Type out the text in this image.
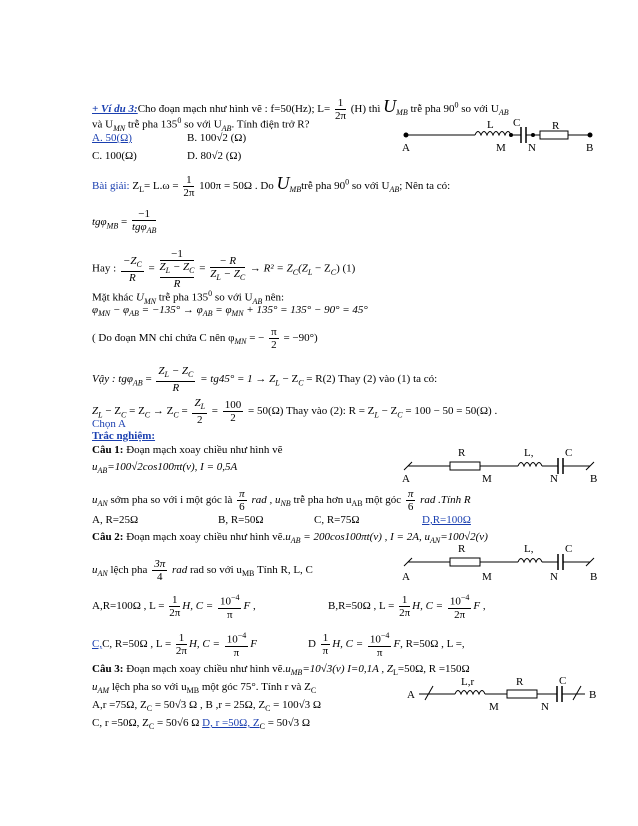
+ Ví du 3:Cho đoạn mạch như hình vẽ : f=50(Hz); $L= \frac{1}{2\pi} (H)$ thì $U_{MB}$ trễ pha $90^0$ so với $U_{AB}$
và $U_{MN}$ trễ pha $135^0$ so với $U_{AB}$. Tính điện trở R?
A. 50(Ω)	B. 100√2 (Ω)
C. 100(Ω)	D. 80√2 (Ω)
A
L C	R
M N	B
Bài giải: $Z_L= L.\omega = \frac{1}{2\pi} 100\pi = 50\Omega$ . Do $U_{MB}trễ$ pha $90^0$ so với $U_{AB}$; Nên ta có:
$tg\varphi_{MB} = \frac{-1}{tg\varphi_{AB}}$
Hay : $\frac{-Z_C}{R} = -1$
$Z_L - Z_C$
$R = \frac{- R}{Z_L - Z_C} \to R^2 = Z_C(Z_L - Z_C)$ (1)
Mặt khác $U_{MN}$ trễ pha $135^0$ so với $U_{AB}$ nên:
$\varphi_{MN} - \varphi_{AB} = -135^\circ \to \varphi_{AB} = \varphi_{MN} + 135^\circ = 135^\circ - 90^\circ = 45^\circ$
( Do đoạn MN chỉ chứa C nên $\varphi_{MN}$ = − $\frac{\pi}{2} = -90^\circ$)
Vậy : $tg\varphi_{AB} = \frac{Z_L - Z_C}{R} = tg45^\circ = 1 \to Z_L - Z_C = R(2)$ Thay (2) vào (1) ta có:
$Z_L - Z_C = Z_C \to Z_C = \frac{Z_L}{2} = \frac{100}{2} = 50(\Omega)$ Thay vào (2): $R = Z_L - Z_C = 100 - 50 = 50(\Omega)$ .
Chọn A
Trắc nghiệm:
Câu 1: Đoạn mạch xoay chiều như hình vẽ
$u_{AB}=100√2\cos 100\pi t(v)$, I = 0,5A
$u_{AN}$ sớm pha so với i một góc là $\frac{\pi}{6}$ rad , $u_{NB}$ trễ pha hơn $u_{AB}$ một góc $\frac{\pi}{6}$ rad .Tính R
A, R=25Ω	B, R=50Ω	C, R=75Ω	D,R=100Ω
R	L,	C
A	M	N	B
Câu 2: Đoạn mạch xoay chiều như hình $vẽ.u_{AB} = 200\cos 100\pi t(v)$ , I = 2A, $u_{AN}=100√2(v)$
$u_{AN}$ lệch pha $\frac{3\pi}{4}$ rad rad so với $u_{MB}$ Tính R, L, C
R	L,	C
A	M	N	B
A,R=100Ω , $L = \frac{1}{2\pi} H$, $C = \frac{10^{-4}}{\pi}$ F ,	B,R=50Ω , $L = \frac{1}{2\pi} H$, $C = \frac{10^{-4}}{2\pi}$ F ,
C,C, R=50Ω , $L = \frac{1}{2\pi} H$, $C = \frac{10^{-4}}{\pi}$ F	D $\frac{1}{\pi} H$, $C = \frac{10^{-4}}{\pi} F$, R=50Ω , L =,
Câu 3: Đoạn mạch xoay chiều như hình $vẽ.u_{MB}=10√3(v)$ I=0,1A , $Z_L=50\Omega$, R =150Ω
$u_{AM}$ lệch pha so với $u_{MB}$ một góc 75°. Tính r và $Z_C$
A,r =75Ω, $Z_C = 50√3$ Ω , B ,r = 25Ω, $Z_C = 100√3$ Ω
C, r =50Ω, $Z_C = 50√6$ Ω D, r =50Ω, $Z_C = 50√3$ Ω
A
L,r	R	C
M	N
B
